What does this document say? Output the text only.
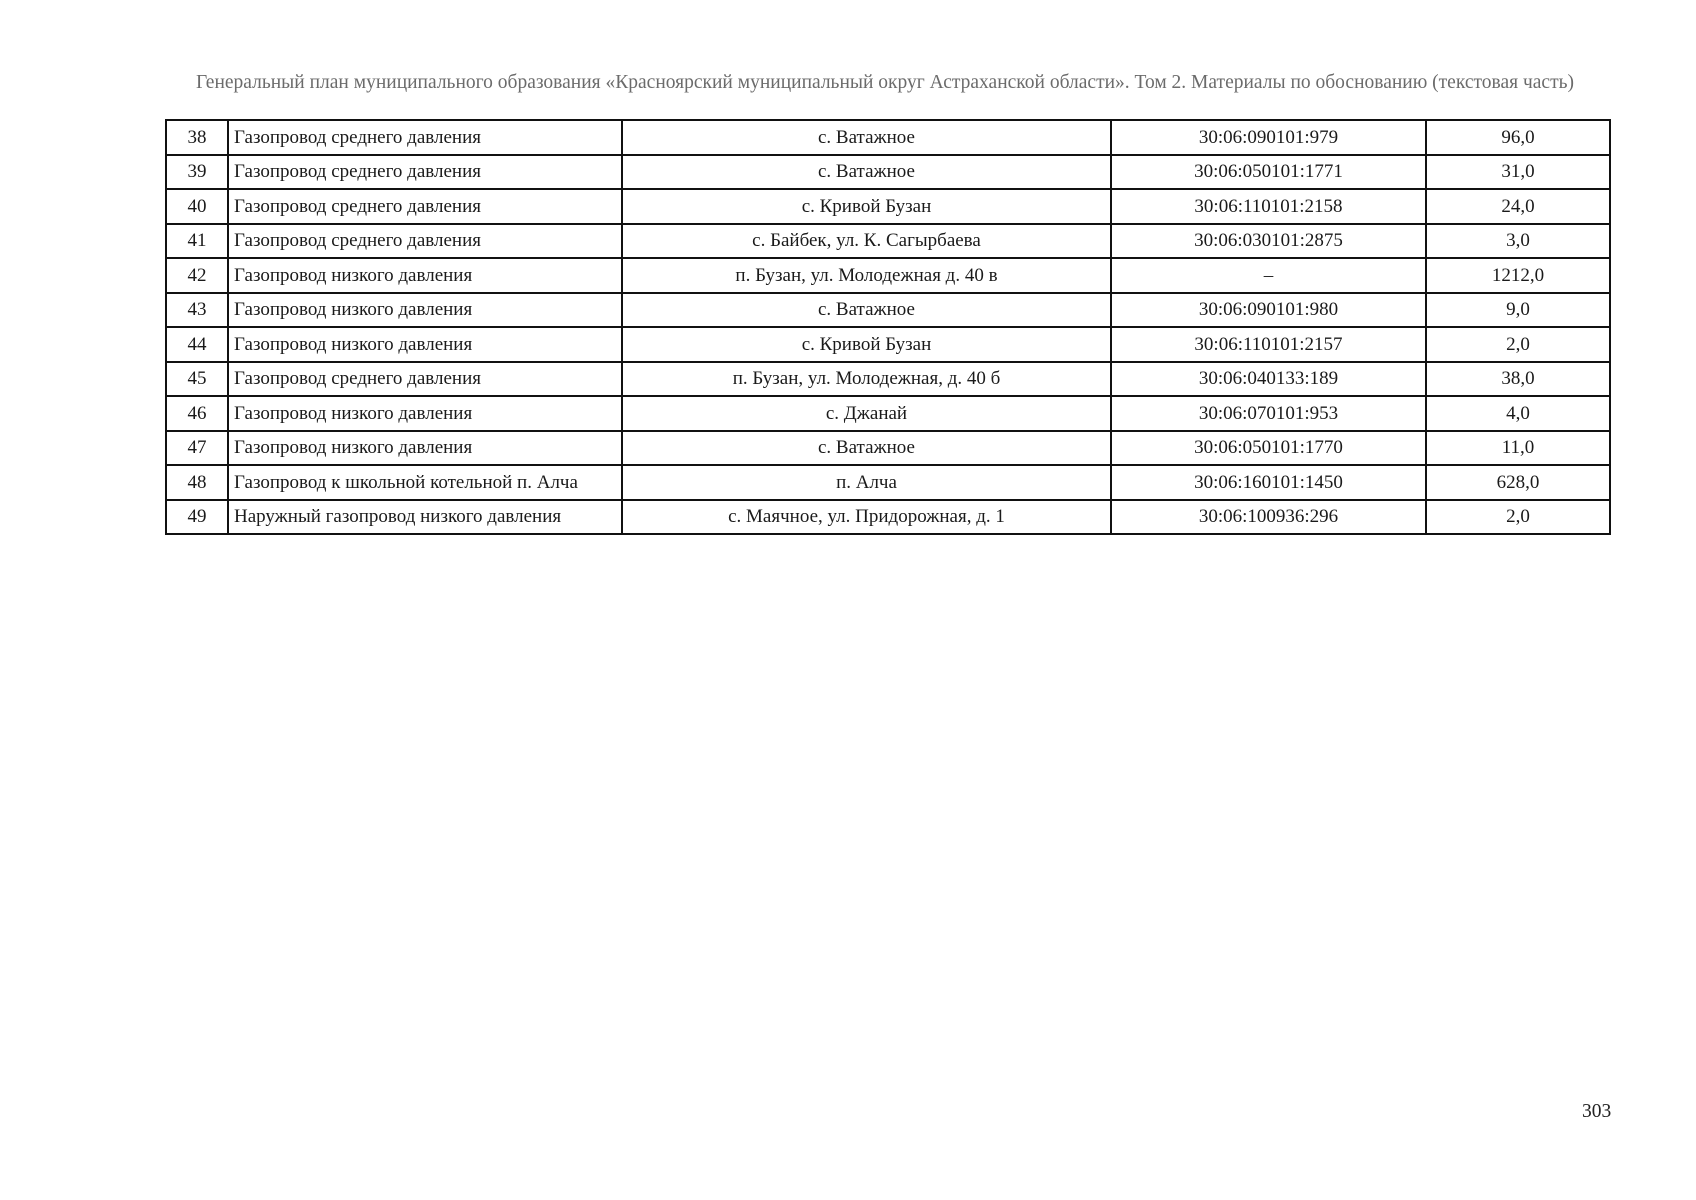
Генеральный план муниципального образования «Красноярский муниципальный округ Астраханской области». Том 2. Материалы по обоснованию (текстовая часть)
38	Газопровод среднего давления	с. Ватажное	30:06:090101:979	96,0
39	Газопровод среднего давления	с. Ватажное	30:06:050101:1771	31,0
40	Газопровод среднего давления	с. Кривой Бузан	30:06:110101:2158	24,0
41	Газопровод среднего давления	с. Байбек, ул. К. Сагырбаева	30:06:030101:2875	3,0
42	Газопровод низкого давления	п. Бузан, ул. Молодежная д. 40 в	–	1212,0
43	Газопровод низкого давления	с. Ватажное	30:06:090101:980	9,0
44	Газопровод низкого давления	с. Кривой Бузан	30:06:110101:2157	2,0
45	Газопровод среднего давления	п. Бузан, ул. Молодежная, д. 40 б	30:06:040133:189	38,0
46	Газопровод низкого давления	с. Джанай	30:06:070101:953	4,0
47	Газопровод низкого давления	с. Ватажное	30:06:050101:1770	11,0
48	Газопровод к школьной котельной п. Алча	п. Алча	30:06:160101:1450	628,0
49	Наружный газопровод низкого давления	с. Маячное, ул. Придорожная, д. 1	30:06:100936:296	2,0
303
